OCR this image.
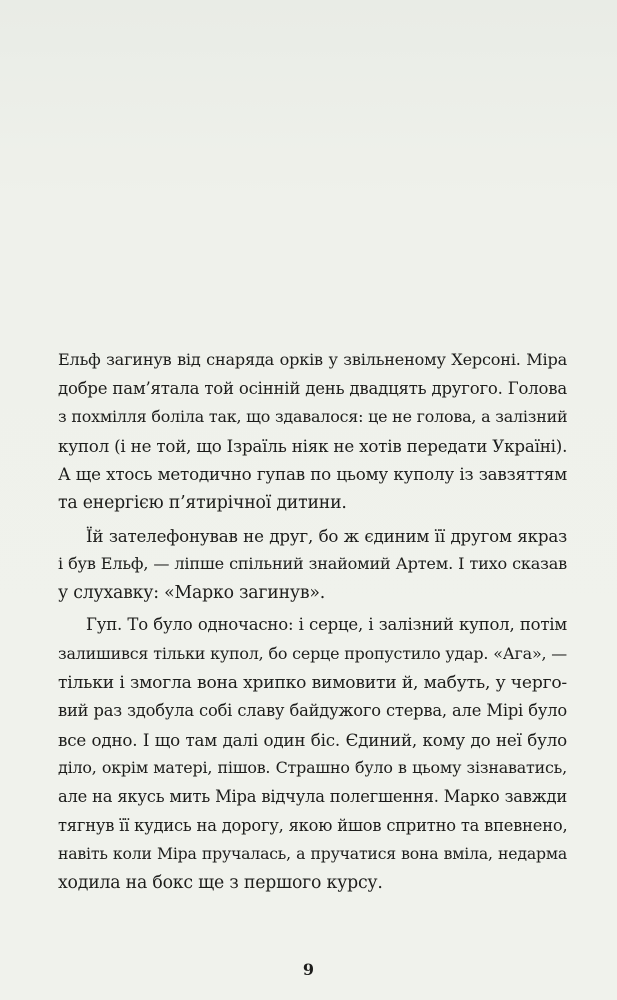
Ельф загинув від снаряда орків у звільненому Херсоні. Міра
добре пам’ятала той осінній день двадцять другого. Голова
з похмілля боліла так, що здавалося: це не голова, а залізний
купол (і не той, що Ізраїль ніяк не хотів передати Україні).
А ще хтось методично гупав по цьому куполу із завзяттям
та енергією п’ятирічної дитини.

Їй зателефонував не друг, бо ж єдиним її другом якраз
і був Ельф, — ліпше спільний знайомий Артем. І тихо сказав
у слухавку: «Марко загинув».

Гуп. То було одночасно: і серце, і залізний купол, потім
залишився тільки купол, бо серце пропустило удар. «Ага», —
тільки і змогла вона хрипко вимовити й, мабуть, у черго-
вий раз здобула собі славу байдужого стерва, але Мірі було
все одно. І що там далі один біс. Єдиний, кому до неї було
діло, окрім матері, пішов. Страшно було в цьому зізнаватись,
але на якусь мить Міра відчула полегшення. Марко завжди
тягнув її кудись на дорогу, якою йшов спритно та впевнено,
навіть коли Міра пручалась, а пручатися вона вміла, недарма
ходила на бокс ще з першого курсу.

9
